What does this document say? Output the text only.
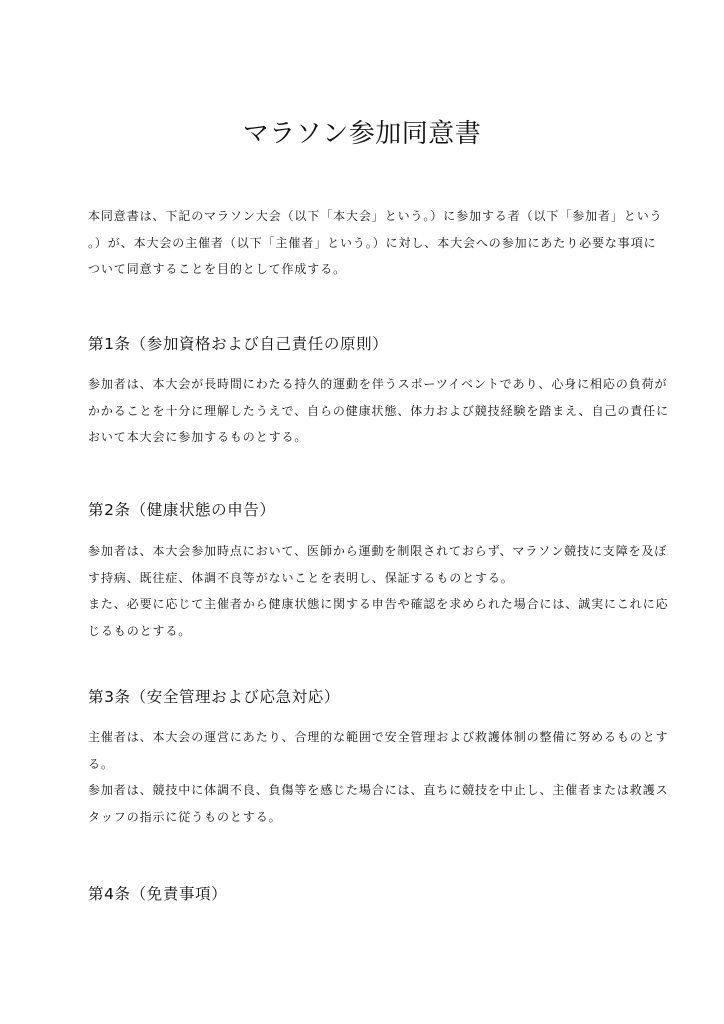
マラソン参加同意書
本同意書は、下記のマラソン大会（以下「本大会」という。）に参加する者（以下「参加者」という
。）が、本大会の主催者（以下「主催者」という。）に対し、本大会への参加にあたり必要な事項に
ついて同意することを目的として作成する。
第1条（参加資格および自己責任の原則）
参加者は、本大会が長時間にわたる持久的運動を伴うスポーツイベントであり、心身に相応の負荷が
かかることを十分に理解したうえで、自らの健康状態、体力および競技経験を踏まえ、自己の責任に
おいて本大会に参加するものとする。
第2条（健康状態の申告）
参加者は、本大会参加時点において、医師から運動を制限されておらず、マラソン競技に支障を及ぼ
す持病、既往症、体調不良等がないことを表明し、保証するものとする。
また、必要に応じて主催者から健康状態に関する申告や確認を求められた場合には、誠実にこれに応
じるものとする。
第3条（安全管理および応急対応）
主催者は、本大会の運営にあたり、合理的な範囲で安全管理および救護体制の整備に努めるものとす
る。
参加者は、競技中に体調不良、負傷等を感じた場合には、直ちに競技を中止し、主催者または救護ス
タッフの指示に従うものとする。
第4条（免責事項）
